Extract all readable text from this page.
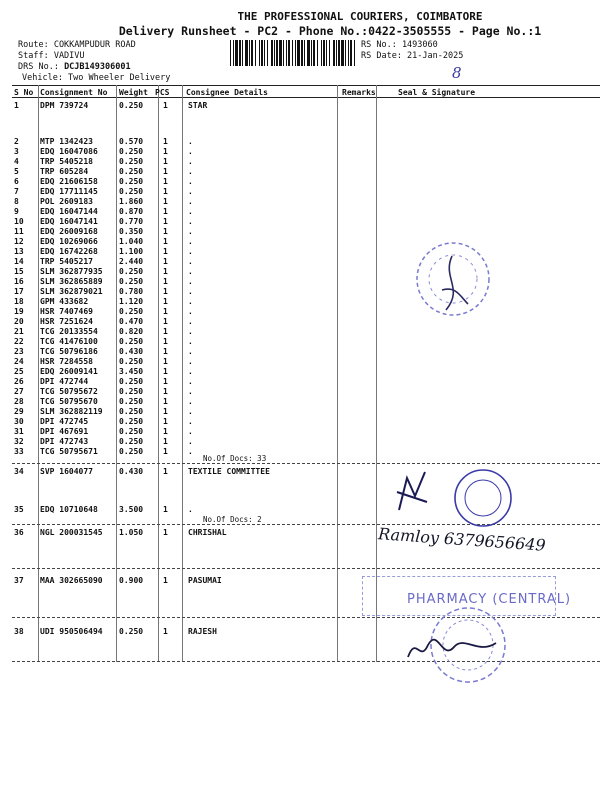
THE PROFESSIONAL COURIERS, COIMBATORE
Delivery Runsheet - PC2 - Phone No.:0422-3505555 - Page No.:1
Route: COKKAMPUDUR ROAD
Staff: VADIVU
DRS No.: DCJB149306001
Vehicle: Two Wheeler Delivery
RS No.: 1493060
RS Date: 21-Jan-2025
8
S No Consignment No Weight PCS Consignee Details	Remarks	Seal & Signature
1	DPM 739724	0.250 1	STAR
2	MTP 1342423	0.570 1	.
3	EDQ 16047086	0.250 1	.
4	TRP 5405218	0.250 1	.
5	TRP 605284	0.250 1	.
6	EDQ 21606158	0.250 1	.
7	EDQ 17711145	0.250 1	.
8	POL 2609183	1.860 1	.
9	EDQ 16047144	0.870 1	.
10 EDQ 16047141	0.770 1	.
11 EDQ 26009168	0.350 1	.
12 EDQ 10269066	1.040 1	.
13 EDQ 16742268	1.100 1	.
14 TRP 5405217	2.440 1	.
15 SLM 362877935 0.250 1	.
16 SLM 362865889 0.250 1	.
17 SLM 362879021 0.780 1	.
18 GPM 433682	1.120 1	.
19 HSR 7407469	0.250 1	.
20 HSR 7251624	0.470 1	.
21 TCG 20133554	0.820 1	.
22 TCG 41476100	0.250 1	.
23 TCG 50796186	0.430 1	.
24 HSR 7284558	0.250 1	.
25 EDQ 26009141	3.450 1	.
26 DPI 472744	0.250 1	.
27 TCG 50795672	0.250 1	.
28 TCG 50795670	0.250 1	.
29 SLM 362882119 0.250 1	.
30 DPI 472745	0.250 1	.
31 DPI 467691	0.250 1	.
32 DPI 472743	0.250 1	.
33 TCG 50795671	0.250 1	.
No.Of Docs: 33
34 SVP 1604077	0.430 1	TEXTILE COMMITTEE
35 EDQ 10710648	3.500 1	.
No.Of Docs: 2
36 NGL 200031545 1.050 1	CHRISHAL
37 MAA 302665090 0.900 1	PASUMAI
38 UDI 950506494 0.250 1	RAJESH
Ramloy 6379656649
PHARMACY (CENTRAL)
